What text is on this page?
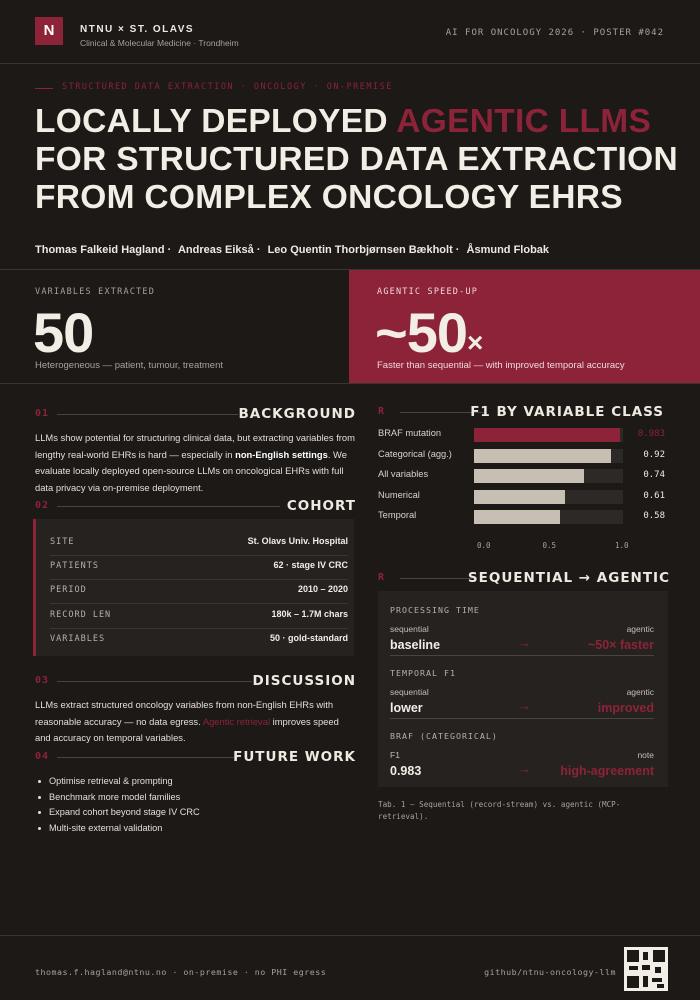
N	NTNU × ST. OLAVS
Clinical & Molecular Medicine · Trondheim
AI FOR ONCOLOGY 2026 · POSTER #042
STRUCTURED DATA EXTRACTION · ONCOLOGY · ON-PREMISE
LOCALLY DEPLOYED AGENTIC LLMS
FOR STRUCTURED DATA EXTRACTION
FROM COMPLEX ONCOLOGY EHRS
Thomas Falkeid Hagland · Andreas Eikså · Leo Quentin Thorbjørnsen Bækholt · Åsmund Flobak
VARIABLES EXTRACTED
50
Heterogeneous — patient, tumour, treatment
AGENTIC SPEED-UP
~50×
Faster than sequential — with improved temporal accuracy
01	BACKGROUND
LLMs show potential for structuring clinical data, but extracting variables from lengthy real-world EHRs is hard — especially in non-English settings. We evaluate locally deployed open-source LLMs on oncological EHRs with full data privacy via on-premise deployment.
02	COHORT
SITE	St. Olavs Univ. Hospital
PATIENTS	62 · stage IV CRC
PERIOD	2010 – 2020
RECORD LEN	180k – 1.7M chars
VARIABLES	50 · gold-standard
03	DISCUSSION
LLMs extract structured oncology variables from non-English EHRs with reasonable accuracy — no data egress. Agentic retrieval improves speed and accuracy on temporal variables.
04	FUTURE WORK
Optimise retrieval & prompting
Benchmark more model families
Expand cohort beyond stage IV CRC
Multi-site external validation
R	F1 BY VARIABLE CLASS
BRAF mutation	0.983
Categorical (agg.)	0.92
All variables	0.74
Numerical	0.61
Temporal	0.58
0.0	0.5	1.0
R	SEQUENTIAL → AGENTIC
PROCESSING TIME
sequential	agentic
baseline	→	~50× faster
TEMPORAL F1
sequential	agentic
lower	→	improved
BRAF (CATEGORICAL)
F1	note
0.983	→ high-agreement
Tab. 1 — Sequential (record-stream) vs. agentic (MCP-retrieval).
thomas.f.hagland@ntnu.no · on-premise · no PHI egress	github/ntnu-oncology-llm
